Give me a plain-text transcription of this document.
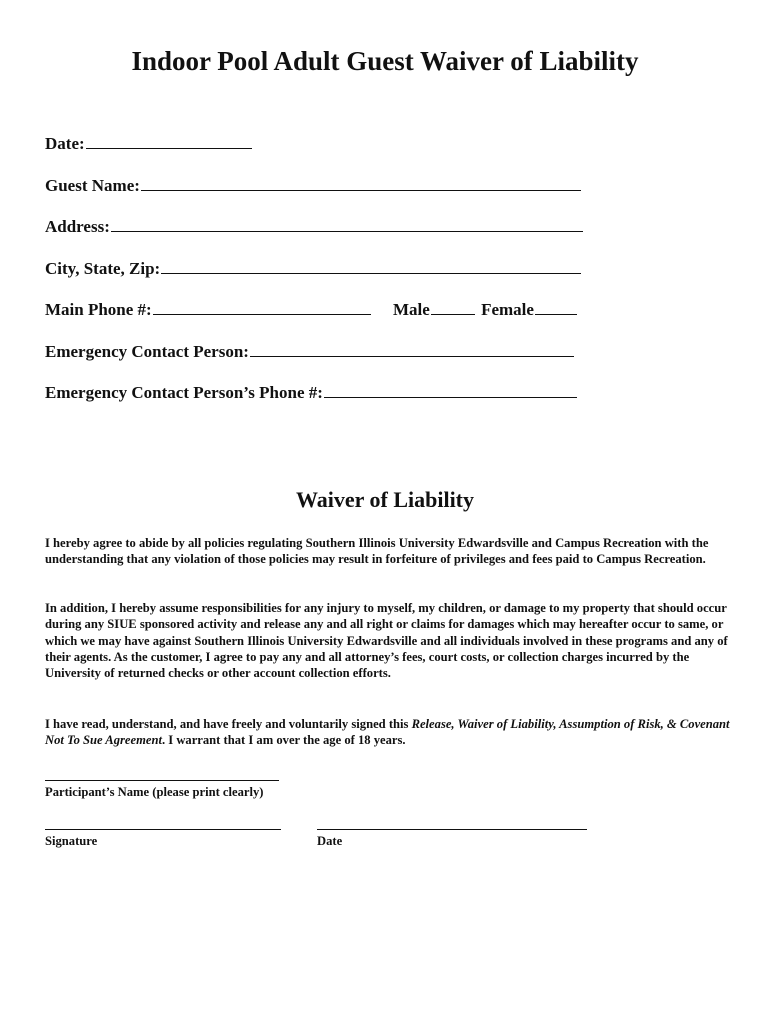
Indoor Pool Adult Guest Waiver of Liability
Date:
Guest Name:
Address:
City, State, Zip:
Main Phone #:	Male	Female
Emergency Contact Person:
Emergency Contact Person’s Phone #:
Waiver of Liability

I hereby agree to abide by all policies regulating Southern Illinois University Edwardsville and Campus Recreation with the understanding that any violation of those policies may result in forfeiture of privileges and fees paid to Campus Recreation.

In addition, I hereby assume responsibilities for any injury to myself, my children, or damage to my property that should occur during any SIUE sponsored activity and release any and all right or claims for damages which may hereafter occur to same, or which we may have against Southern Illinois University Edwardsville and all individuals involved in these programs and any of their agents. As the customer, I agree to pay any and all attorney’s fees, court costs, or collection charges incurred by the University of returned checks or other account collection efforts.

I have read, understand, and have freely and voluntarily signed this Release, Waiver of Liability, Assumption of Risk, & Covenant Not To Sue Agreement. I warrant that I am over the age of 18 years.

Participant’s Name (please print clearly)
Signature	Date
